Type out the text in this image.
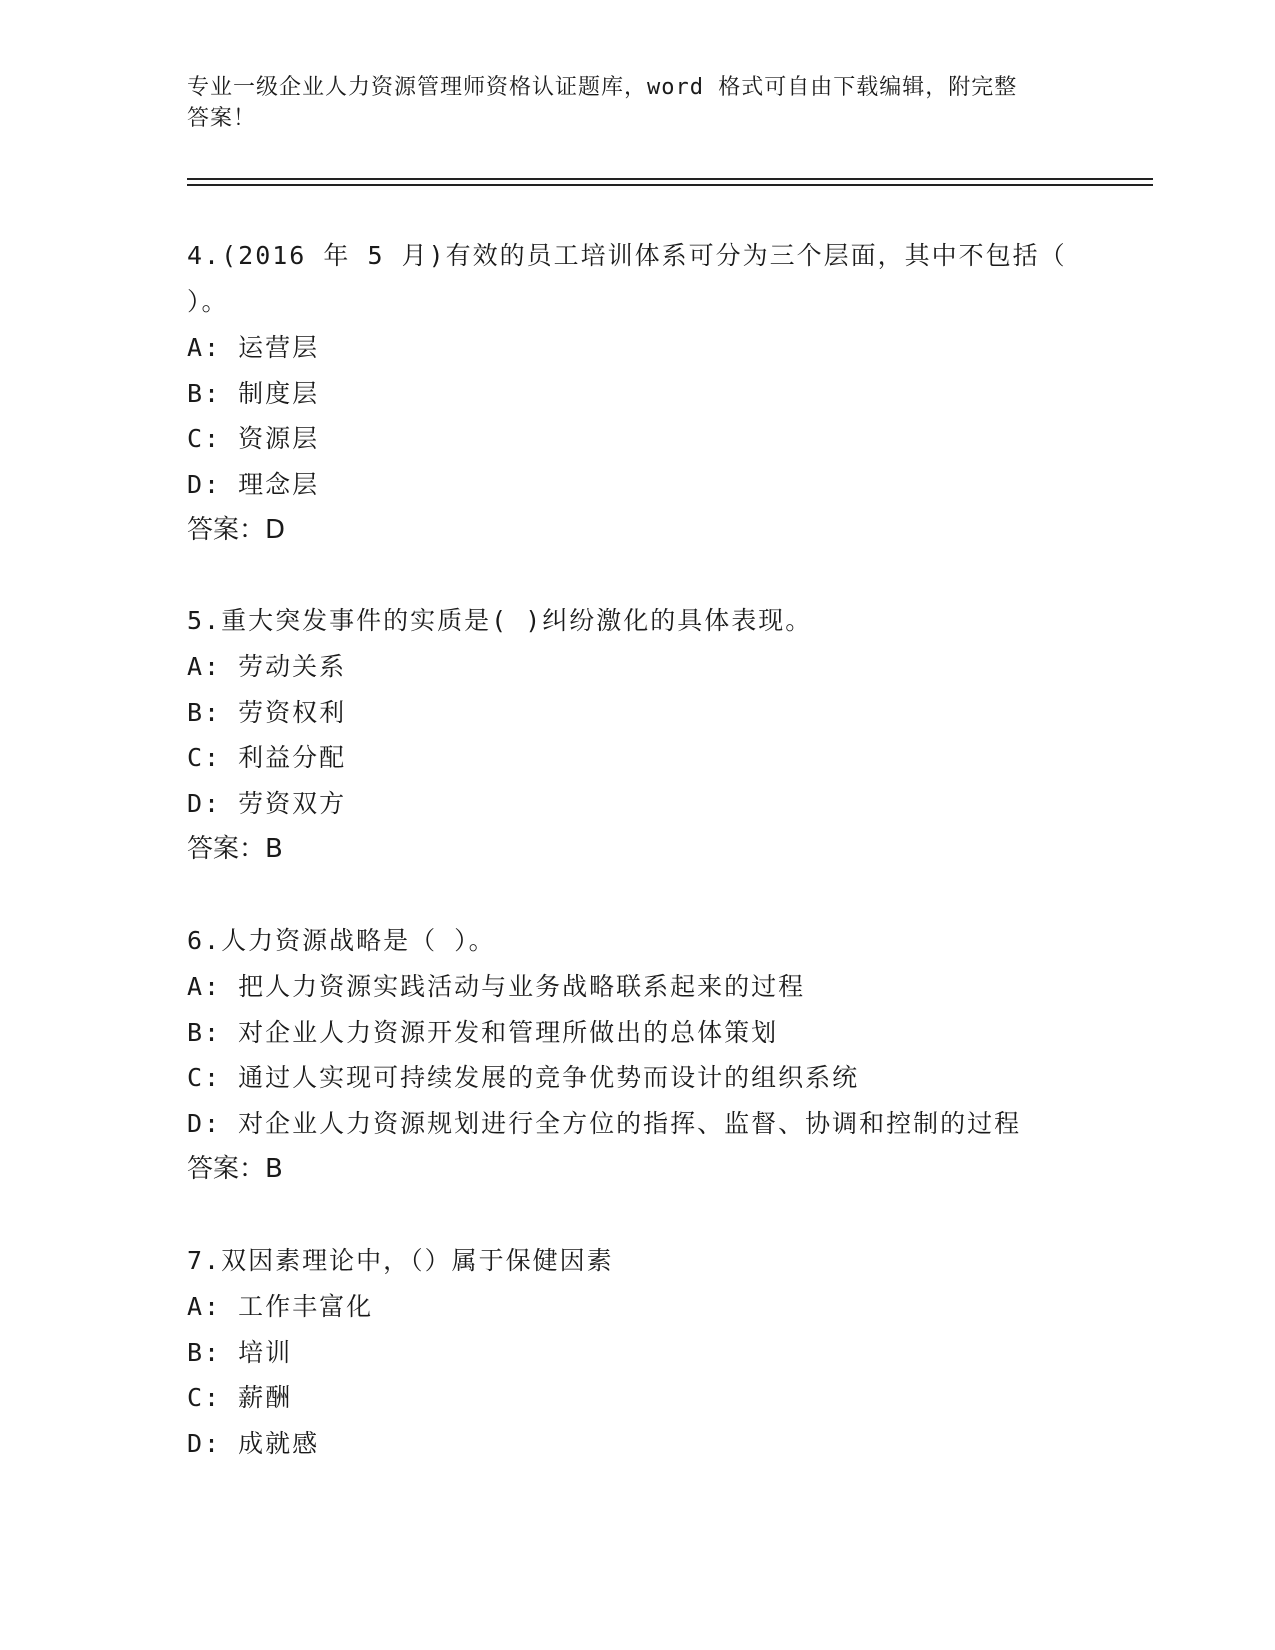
专业一级企业人力资源管理师资格认证题库，word 格式可自由下载编辑，附完整
答案！
4.(2016 年 5 月)有效的员工培训体系可分为三个层面，其中不包括（
）。
A: 运营层
B: 制度层
C: 资源层
D: 理念层
答案：D
5.重大突发事件的实质是( )纠纷激化的具体表现。
A: 劳动关系
B: 劳资权利
C: 利益分配
D: 劳资双方
答案：B
6.人力资源战略是（ ）。
A: 把人力资源实践活动与业务战略联系起来的过程
B: 对企业人力资源开发和管理所做出的总体策划
C: 通过人实现可持续发展的竞争优势而设计的组织系统
D: 对企业人力资源规划进行全方位的指挥、监督、协调和控制的过程
答案：B
7.双因素理论中，（）属于保健因素
A: 工作丰富化
B: 培训
C: 薪酬
D: 成就感
